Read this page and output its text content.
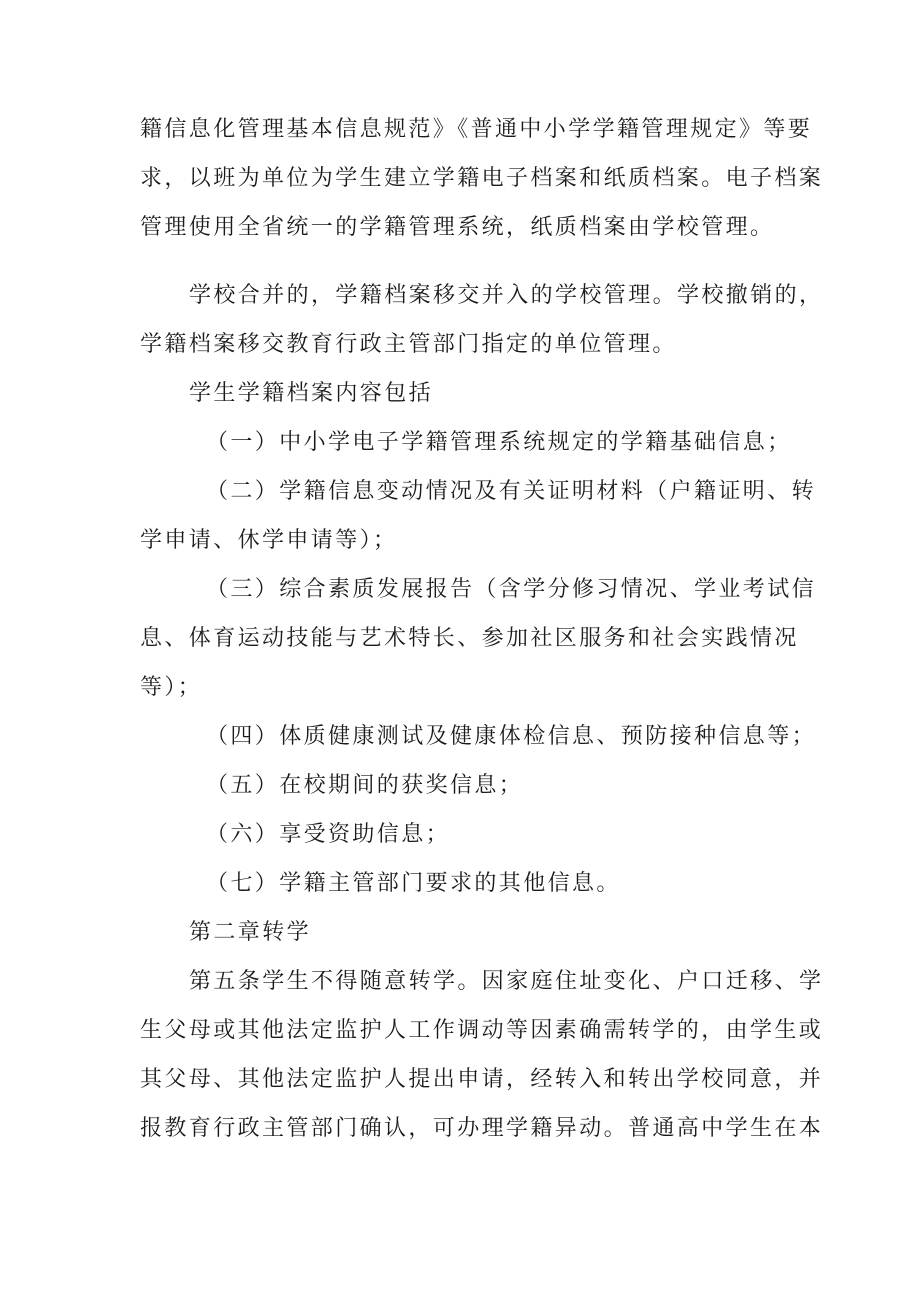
籍信息化管理基本信息规范》《普通中小学学籍管理规定》等要
求，以班为单位为学生建立学籍电子档案和纸质档案。电子档案
管理使用全省统一的学籍管理系统，纸质档案由学校管理。
学校合并的，学籍档案移交并入的学校管理。学校撤销的，
学籍档案移交教育行政主管部门指定的单位管理。
学生学籍档案内容包括
（一）中小学电子学籍管理系统规定的学籍基础信息；
（二）学籍信息变动情况及有关证明材料（户籍证明、转
学申请、休学申请等）；
（三）综合素质发展报告（含学分修习情况、学业考试信
息、体育运动技能与艺术特长、参加社区服务和社会实践情况
等）；
（四）体质健康测试及健康体检信息、预防接种信息等；
（五）在校期间的获奖信息；
（六）享受资助信息；
（七）学籍主管部门要求的其他信息。
第二章转学
第五条学生不得随意转学。因家庭住址变化、户口迁移、学
生父母或其他法定监护人工作调动等因素确需转学的，由学生或
其父母、其他法定监护人提出申请，经转入和转出学校同意，并
报教育行政主管部门确认，可办理学籍异动。普通高中学生在本
